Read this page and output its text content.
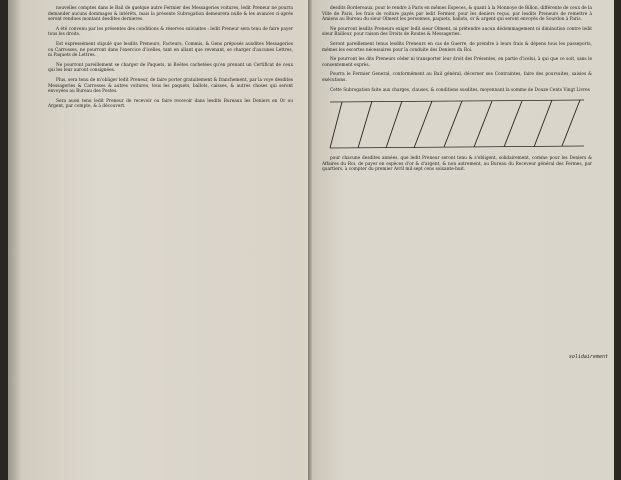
nouvelles comptes dans le Bail de quelque autre Fermier des Messageries voitures, ledit Preneur ne pourra demander aucuns dommages & intérêts, mais la présente Subrogation demeurera nulle & les avances ci-après seront rendues montant desdites dernieres.

A été convenu par les présentes des conditions & réserves suivantes : ledit Preneur sera tenu de faire payer tous les droits.

Est expressément stipulé que lesdits Preneurs, Facteurs, Commis, & Gens préposés auxdites Messageries ou Carrosses, ne pourront dans l'exercice d'icelles, tant en allant que revenant, se charger d'aucunes Lettres, ni Paquets de Lettres.

Ne pourront pareillement se charger de Paquets, ni Boëtes cachetées qu'en prenant un Certificat de ceux qui les leur auront consignées.

Plus, sera tenu de m'obliger ledit Preneur, de faire porter gratuitement & franchement, par la voye desdites Messageries & Carrosses & autres voitures, tous les paquets, ballots, caisses, & autres choses qui seront envoyées au Bureau des Postes.

Sera aussi tenu ledit Preneur de recevoir ou faire recevoir dans lesdits Bureaux les Deniers en Or ou Argent, par compte, & à découvert.

desdits Bordereaux, pour le rendre à Paris en mêmes Especes, & quant à la Monnoye de Billon, différente de ceux de la Ville de Paris, les frais de voiture payés par ledit Fermier, pour les deniers reçus, par lesdits Preneurs de remettre à Amiens au Bureau du sieur Olment les personnes, paquets, ballots, or & argent qui seront envoyés de Sourdon à Paris.

Ne pourront lesdits Preneurs exiger ledit sieur Olment, ni prétendre aucun dédommagement ni diminution contre ledit sieur Bailleur, pour raison des Droits de Routes & Messageries.

Seront pareillement tenus lesdits Preneurs en cas de Guerre, de prendre à leurs frais & dépens tous les passeports, mémes les escortes nécessaires pour la conduite des Deniers du Roi.

Ne pourront les dits Preneurs céder ni transporter leur droit des Présentes, en partie d'icelui, à qui que ce soit, sans le consentement exprès.

Pourra le Fermier General, conformément au Bail général, décerner ses Contraintes, faire des poursuites, saisies & exécutions.

Cette Subrogation faite aux charges, clauses, & conditions susdites, moyennant la somme de Douze Cents Vingt Livres

pour chacune desdites années, que ledit Preneur seront tenu & s'obligent, solidairement, comme pour les Deniers & Affaires du Roi, de payer en espèces d'or & d'argent, & non autrement, au Bureau du Receveur général des Fermes, par quartiers, à compter du premier Avril mil sept cens soixante-huit.

solidairement
